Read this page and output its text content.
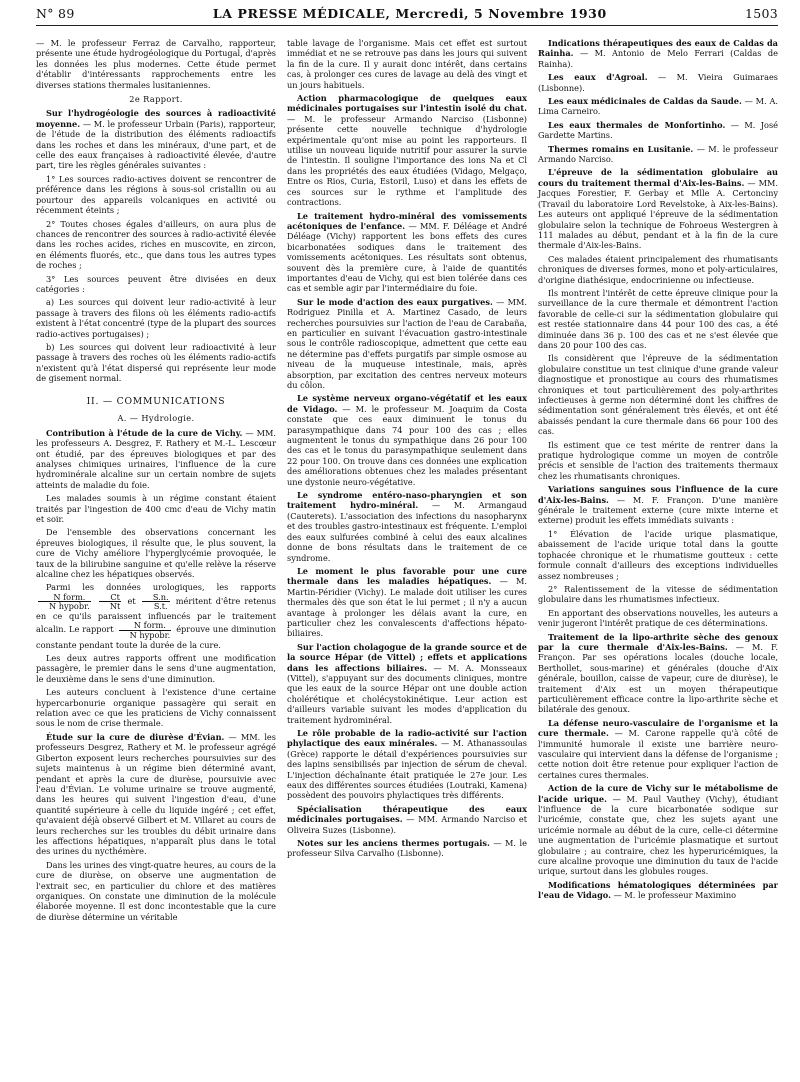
N° 89	LA PRESSE MÉDICALE, Mercredi, 5 Novembre 1930	1503

— M. le professeur Ferraz de Carvalho, rapporteur, présente une étude hydrogéologique du Portugal, d'après les données les plus modernes. Cette étude permet d'établir d'intéressants rapprochements entre les diverses stations thermales lusitaniennes.

2e Rapport.

Sur l'hydrogéologie des sources à radioactivité moyenne. — M. le professeur Urbain (Paris), rapporteur, de l'étude de la distribution des éléments radioactifs dans les roches et dans les minéraux, d'une part, et de celle des eaux françaises à radioactivité élevée, d'autre part, tire les règles générales suivantes :

1° Les sources radio-actives doivent se rencontrer de préférence dans les régions à sous-sol cristallin ou au pourtour des appareils volcaniques en activité ou récemment éteints ;

2° Toutes choses égales d'ailleurs, on aura plus de chances de rencontrer des sources à radio-activité élevée dans les roches acides, riches en muscovite, en zircon, en éléments fluorés, etc., que dans tous les autres types de roches ;

3° Les sources peuvent être divisées en deux catégories :

a) Les sources qui doivent leur radio-activité à leur passage à travers des filons où les éléments radio-actifs existent à l'état concentré (type de la plupart des sources radio-actives portugaises) ;

b) Les sources qui doivent leur radioactivité à leur passage à travers des roches où les éléments radio-actifs n'existent qu'à l'état dispersé qui représente leur mode de gisement normal.

II. — COMMUNICATIONS
A. — Hydrologie.

Contribution à l'étude de la cure de Vichy. — MM. les professeurs A. Desgrez, F. Rathery et M.-L. Lescœur ont étudié, par des épreuves biologiques et par des analyses chimiques urinaires, l'influence de la cure hydrominérale alcaline sur un certain nombre de sujets atteints de maladie du foie.

Les malades soumis à un régime constant étaient traités par l'ingestion de 400 cmc d'eau de Vichy matin et soir.

De l'ensemble des observations concernant les épreuves biologiques, il résulte que, le plus souvent, la cure de Vichy améliore l'hyperglycémie provoquée, le taux de la bilirubine sanguine et qu'elle relève la réserve alcaline chez les hépatiques observés.

Parmi les données urologiques, les rapports
$\frac{\text{N form.}}{\text{N hypobr.}}$
$\frac{Ct}{Nt}$ et $\frac{S.n.}{S.t.}$ méritent d'être retenus en ce qu'ils paraissent influencés par le traitement alcalin. Le rapport $\frac{\text{N form.}}{\text{N hypobr.}}$ éprouve une diminution constante pendant toute la durée de la cure.

Les deux autres rapports offrent une modification passagère, le premier dans le sens d'une augmentation, le deuxième dans le sens d'une diminution.

Les auteurs concluent à l'existence d'une certaine hypercarbonurie organique passagère qui serait en relation avec ce que les praticiens de Vichy connaissent sous le nom de crise thermale.

Étude sur la cure de diurèse d'Évian. — MM. les professeurs Desgrez, Rathery et M. le professeur agrégé Giberton exposent leurs recherches poursuivies sur des sujets maintenus à un régime bien déterminé avant, pendant et après la cure de diurèse, poursuivie avec l'eau d'Évian. Le volume urinaire se trouve augmenté, dans les heures qui suivent l'ingestion d'eau, d'une quantité supérieure à celle du liquide ingéré ; cet effet, qu'avaient déjà observé Gilbert et M. Villaret au cours de leurs recherches sur les troubles du débit urinaire dans les affections hépatiques, n'apparaît plus dans le total des urines du nycthémère.

Dans les urines des vingt-quatre heures, au cours de la cure de diurèse, on observe une augmentation de l'extrait sec, en particulier du chlore et des matières organiques. On constate une diminution de la molécule élaborée moyenne. Il est donc incontestable que la cure de diurèse détermine un véritable

table lavage de l'organisme. Mais cet effet est surtout immédiat et ne se retrouve pas dans les jours qui suivent la fin de la cure. Il y aurait donc intérêt, dans certains cas, à prolonger ces cures de lavage au delà des vingt et un jours habituels.

Action pharmacologique de quelques eaux médicinales portugaises sur l'intestin isolé du chat. — M. le professeur Armando Narciso (Lisbonne) présente cette nouvelle technique d'hydrologie expérimentale qu'ont mise au point les rapporteurs. Il utilise un nouveau liquide nutritif pour assurer la survie de l'intestin. Il souligne l'importance des ions Na et Cl dans les propriétés des eaux étudiées (Vidago, Melgaço, Entre os Rios, Curia, Estoril, Luso) et dans les effets de ces sources sur le rythme et l'amplitude des contractions.

Le traitement hydro-minéral des vomissements acétoniques de l'enfance. — MM. F. Déléage et André Déléage (Vichy) rapportent les bons effets des cures bicarbonatées sodiques dans le traitement des vomissements acétoniques. Les résultats sont obtenus, souvent dès la première cure, à l'aide de quantités importantes d'eau de Vichy, qui est bien tolérée dans ces cas et semble agir par l'intermédiaire du foie.

Sur le mode d'action des eaux purgatives. — MM. Rodriguez Pinilla et A. Martinez Casado, de leurs recherches poursuivies sur l'action de l'eau de Carabaña, en particulier en suivant l'évacuation gastro-intestinale sous le contrôle radioscopique, admettent que cette eau ne détermine pas d'effets purgatifs par simple osmose au niveau de la muqueuse intestinale, mais, après absorption, par excitation des centres nerveux moteurs du côlon.

Le système nerveux organo-végétatif et les eaux de Vidago. — M. le professeur M. Joaquim da Costa constate que ces eaux diminuent le tonus du parasympathique dans 74 pour 100 des cas ; elles augmentent le tonus du sympathique dans 26 pour 100 des cas et le tonus du parasympathique seulement dans 22 pour 100. On trouve dans ces données une explication des améliorations obtenues chez les malades présentant une dystonie neuro-végétative.

Le syndrome entéro-naso-pharyngien et son traitement hydro-minéral. — M. Armangaud (Cauterets). L'association des infections du nasopharynx et des troubles gastro-intestinaux est fréquente. L'emploi des eaux sulfurées combiné à celui des eaux alcalines donne de bons résultats dans le traitement de ce syndrome.

Le moment le plus favorable pour une cure thermale dans les maladies hépatiques. — M. Martin-Péridier (Vichy). Le malade doit utiliser les cures thermales dès que son état le lui permet ; il n'y a aucun avantage à prolonger les délais avant la cure, en particulier chez les convalescents d'affections hépato-biliaires.

Sur l'action cholagogue de la grande source et de la source Hépar (de Vittel) ; effets et applications dans les affections biliaires. — M. A. Monsseaux (Vittel), s'appuyant sur des documents cliniques, montre que les eaux de la source Hépar ont une double action cholérétique et cholécystokinétique. Leur action est d'ailleurs variable suivant les modes d'application du traitement hydrominéral.

Le rôle probable de la radio-activité sur l'action phylactique des eaux minérales. — M. Athanassoulas (Grèce) rapporte le détail d'expériences poursuivies sur des lapins sensibilisés par injection de sérum de cheval. L'injection déchaînante était pratiquée le 27e jour. Les eaux des différentes sources étudiées (Loutraki, Kamena) possèdent des pouvoirs phylactiques très différents.

Spécialisation thérapeutique des eaux médicinales portugaises. — MM. Armando Narciso et Oliveira Suzes (Lisbonne).

Notes sur les anciens thermes portugais. — M. le professeur Silva Carvalho (Lisbonne).

Indications thérapeutiques des eaux de Caldas da Rainha. — M. Antonio de Melo Ferrari (Caldas de Rainha).

Les eaux d'Agroal. — M. Vieira Guimaraes (Lisbonne).

Les eaux médicinales de Caldas da Saude. — M. A. Lima Carneiro.

Les eaux thermales de Monfortinho. — M. José Gardette Martins.

Thermes romains en Lusitanie. — M. le professeur Armando Narciso.

L'épreuve de la sédimentation globulaire au cours du traitement thermal d'Aix-les-Bains. — MM. Jacques Forestier, F. Gerbay et Mlle A. Certonciny (Travail du laboratoire Lord Revelstoke, à Aix-les-Bains). Les auteurs ont appliqué l'épreuve de la sédimentation globulaire selon la technique de Fohroeus Westergren à 111 malades au début, pendant et à la fin de la cure thermale d'Aix-les-Bains.

Ces malades étaient principalement des rhumatisants chroniques de diverses formes, mono et poly-articulaires, d'origine diathésique, endocrinienne ou infectieuse.

Ils montrent l'intérêt de cette épreuve clinique pour la surveillance de la cure thermale et démontrent l'action favorable de celle-ci sur la sédimentation globulaire qui est restée stationnaire dans 44 pour 100 des cas, a été diminuée dans 36 p. 100 des cas et ne s'est élevée que dans 20 pour 100 des cas.

Ils considèrent que l'épreuve de la sédimentation globulaire constitue un test clinique d'une grande valeur diagnostique et pronostique au cours des rhumatismes chroniques et tout particulièrement des poly-arthrites infectieuses à germe non déterminé dont les chiffres de sédimentation sont généralement très élevés, et ont été abaissés pendant la cure thermale dans 66 pour 100 des cas.

Ils estiment que ce test mérite de rentrer dans la pratique hydrologique comme un moyen de contrôle précis et sensible de l'action des traitements thermaux chez les rhumatisants chroniques.

Variations sanguines sous l'influence de la cure d'Aix-les-Bains. — M. F. Françon. D'une manière générale le traitement externe (cure mixte interne et externe) produit les effets immédiats suivants :

1° Élévation de l'acide urique plasmatique, abaissement de l'acide urique total dans la goutte tophacée chronique et le rhumatisme goutteux : cette formule connaît d'ailleurs des exceptions individuelles assez nombreuses ;

2° Ralentissement de la vitesse de sédimentation globulaire dans les rhumatismes infectieux.

En apportant des observations nouvelles, les auteurs a venir jugeront l'intérêt pratique de ces déterminations.

Traitement de la lipo-arthrite sèche des genoux par la cure thermale d'Aix-les-Bains. — M. F. Françon. Par ses opérations locales (douche locale, Berthollet, sous-marine) et générales (douche d'Aix générale, bouillon, caisse de vapeur, cure de diurèse), le traitement d'Aix est un moyen thérapeutique particulièrement efficace contre la lipo-arthrite sèche et bilatérale des genoux.

La défense neuro-vasculaire de l'organisme et la cure thermale. — M. Carone rappelle qu'à côté de l'immunité humorale il existe une barrière neuro-vasculaire qui intervient dans la défense de l'organisme ; cette notion doit être retenue pour expliquer l'action de certaines cures thermales.

Action de la cure de Vichy sur le métabolisme de l'acide urique. — M. Paul Vauthey (Vichy), étudiant l'influence de la cure bicarbonatée sodique sur l'uricémie, constate que, chez les sujets ayant une uricémie normale au début de la cure, celle-ci détermine une augmentation de l'uricémie plasmatique et surtout globulaire ; au contraire, chez les hyperuricémiques, la cure alcaline provoque une diminution du taux de l'acide urique, surtout dans les globules rouges.

Modifications hématologiques déterminées par l'eau de Vidago. — M. le professeur Maximino
